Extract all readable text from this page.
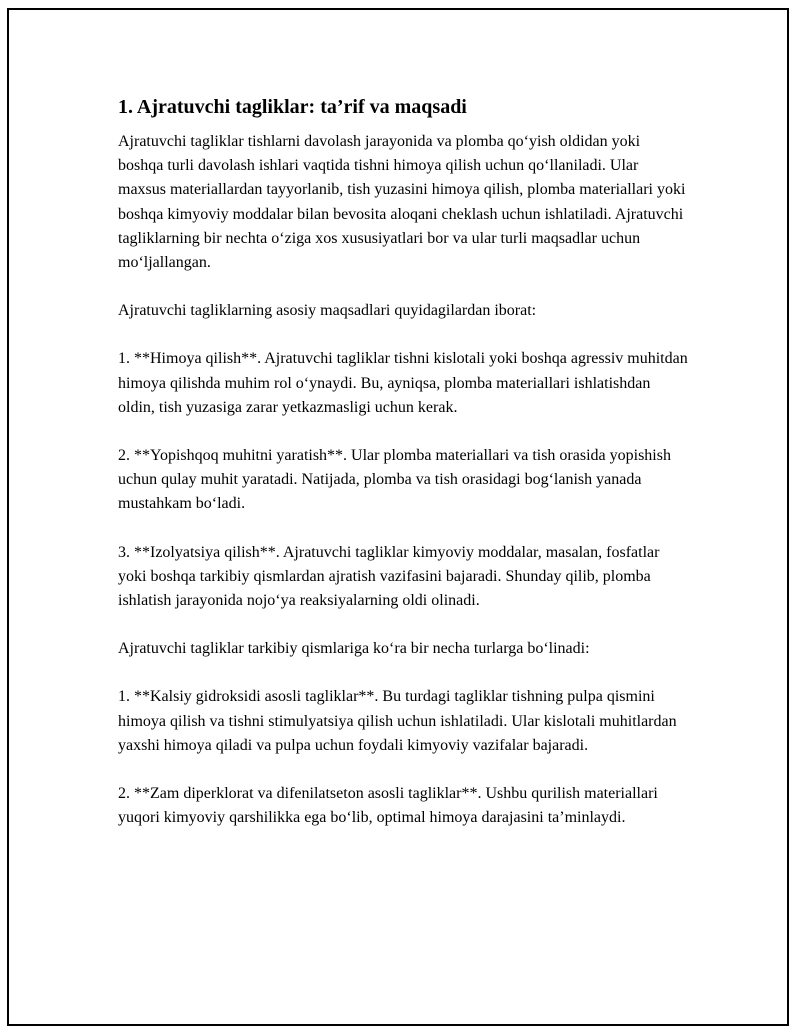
1. Ajratuvchi tagliklar: ta’rif va maqsadi

Ajratuvchi tagliklar tishlarni davolash jarayonida va plomba qo‘yish oldidan yoki boshqa turli davolash ishlari vaqtida tishni himoya qilish uchun qo‘llaniladi. Ular maxsus materiallardan tayyorlanib, tish yuzasini himoya qilish, plomba materiallari yoki boshqa kimyoviy moddalar bilan bevosita aloqani cheklash uchun ishlatiladi. Ajratuvchi tagliklarning bir nechta o‘ziga xos xususiyatlari bor va ular turli maqsadlar uchun mo‘ljallangan.

Ajratuvchi tagliklarning asosiy maqsadlari quyidagilardan iborat:

1. **Himoya qilish**. Ajratuvchi tagliklar tishni kislotali yoki boshqa agressiv muhitdan himoya qilishda muhim rol o‘ynaydi. Bu, ayniqsa, plomba materiallari ishlatishdan oldin, tish yuzasiga zarar yetkazmasligi uchun kerak.

2. **Yopishqoq muhitni yaratish**. Ular plomba materiallari va tish orasida yopishish uchun qulay muhit yaratadi. Natijada, plomba va tish orasidagi bog‘lanish yanada mustahkam bo‘ladi.

3. **Izolyatsiya qilish**. Ajratuvchi tagliklar kimyoviy moddalar, masalan, fosfatlar yoki boshqa tarkibiy qismlardan ajratish vazifasini bajaradi. Shunday qilib, plomba ishlatish jarayonida nojo‘ya reaksiyalarning oldi olinadi.

Ajratuvchi tagliklar tarkibiy qismlariga ko‘ra bir necha turlarga bo‘linadi:

1. **Kalsiy gidroksidi asosli tagliklar**. Bu turdagi tagliklar tishning pulpa qismini himoya qilish va tishni stimulyatsiya qilish uchun ishlatiladi. Ular kislotali muhitlardan yaxshi himoya qiladi va pulpa uchun foydali kimyoviy vazifalar bajaradi.

2. **Zam diperklorat va difenilatseton asosli tagliklar**. Ushbu qurilish materiallari yuqori kimyoviy qarshilikka ega bo‘lib, optimal himoya darajasini ta’minlaydi.
